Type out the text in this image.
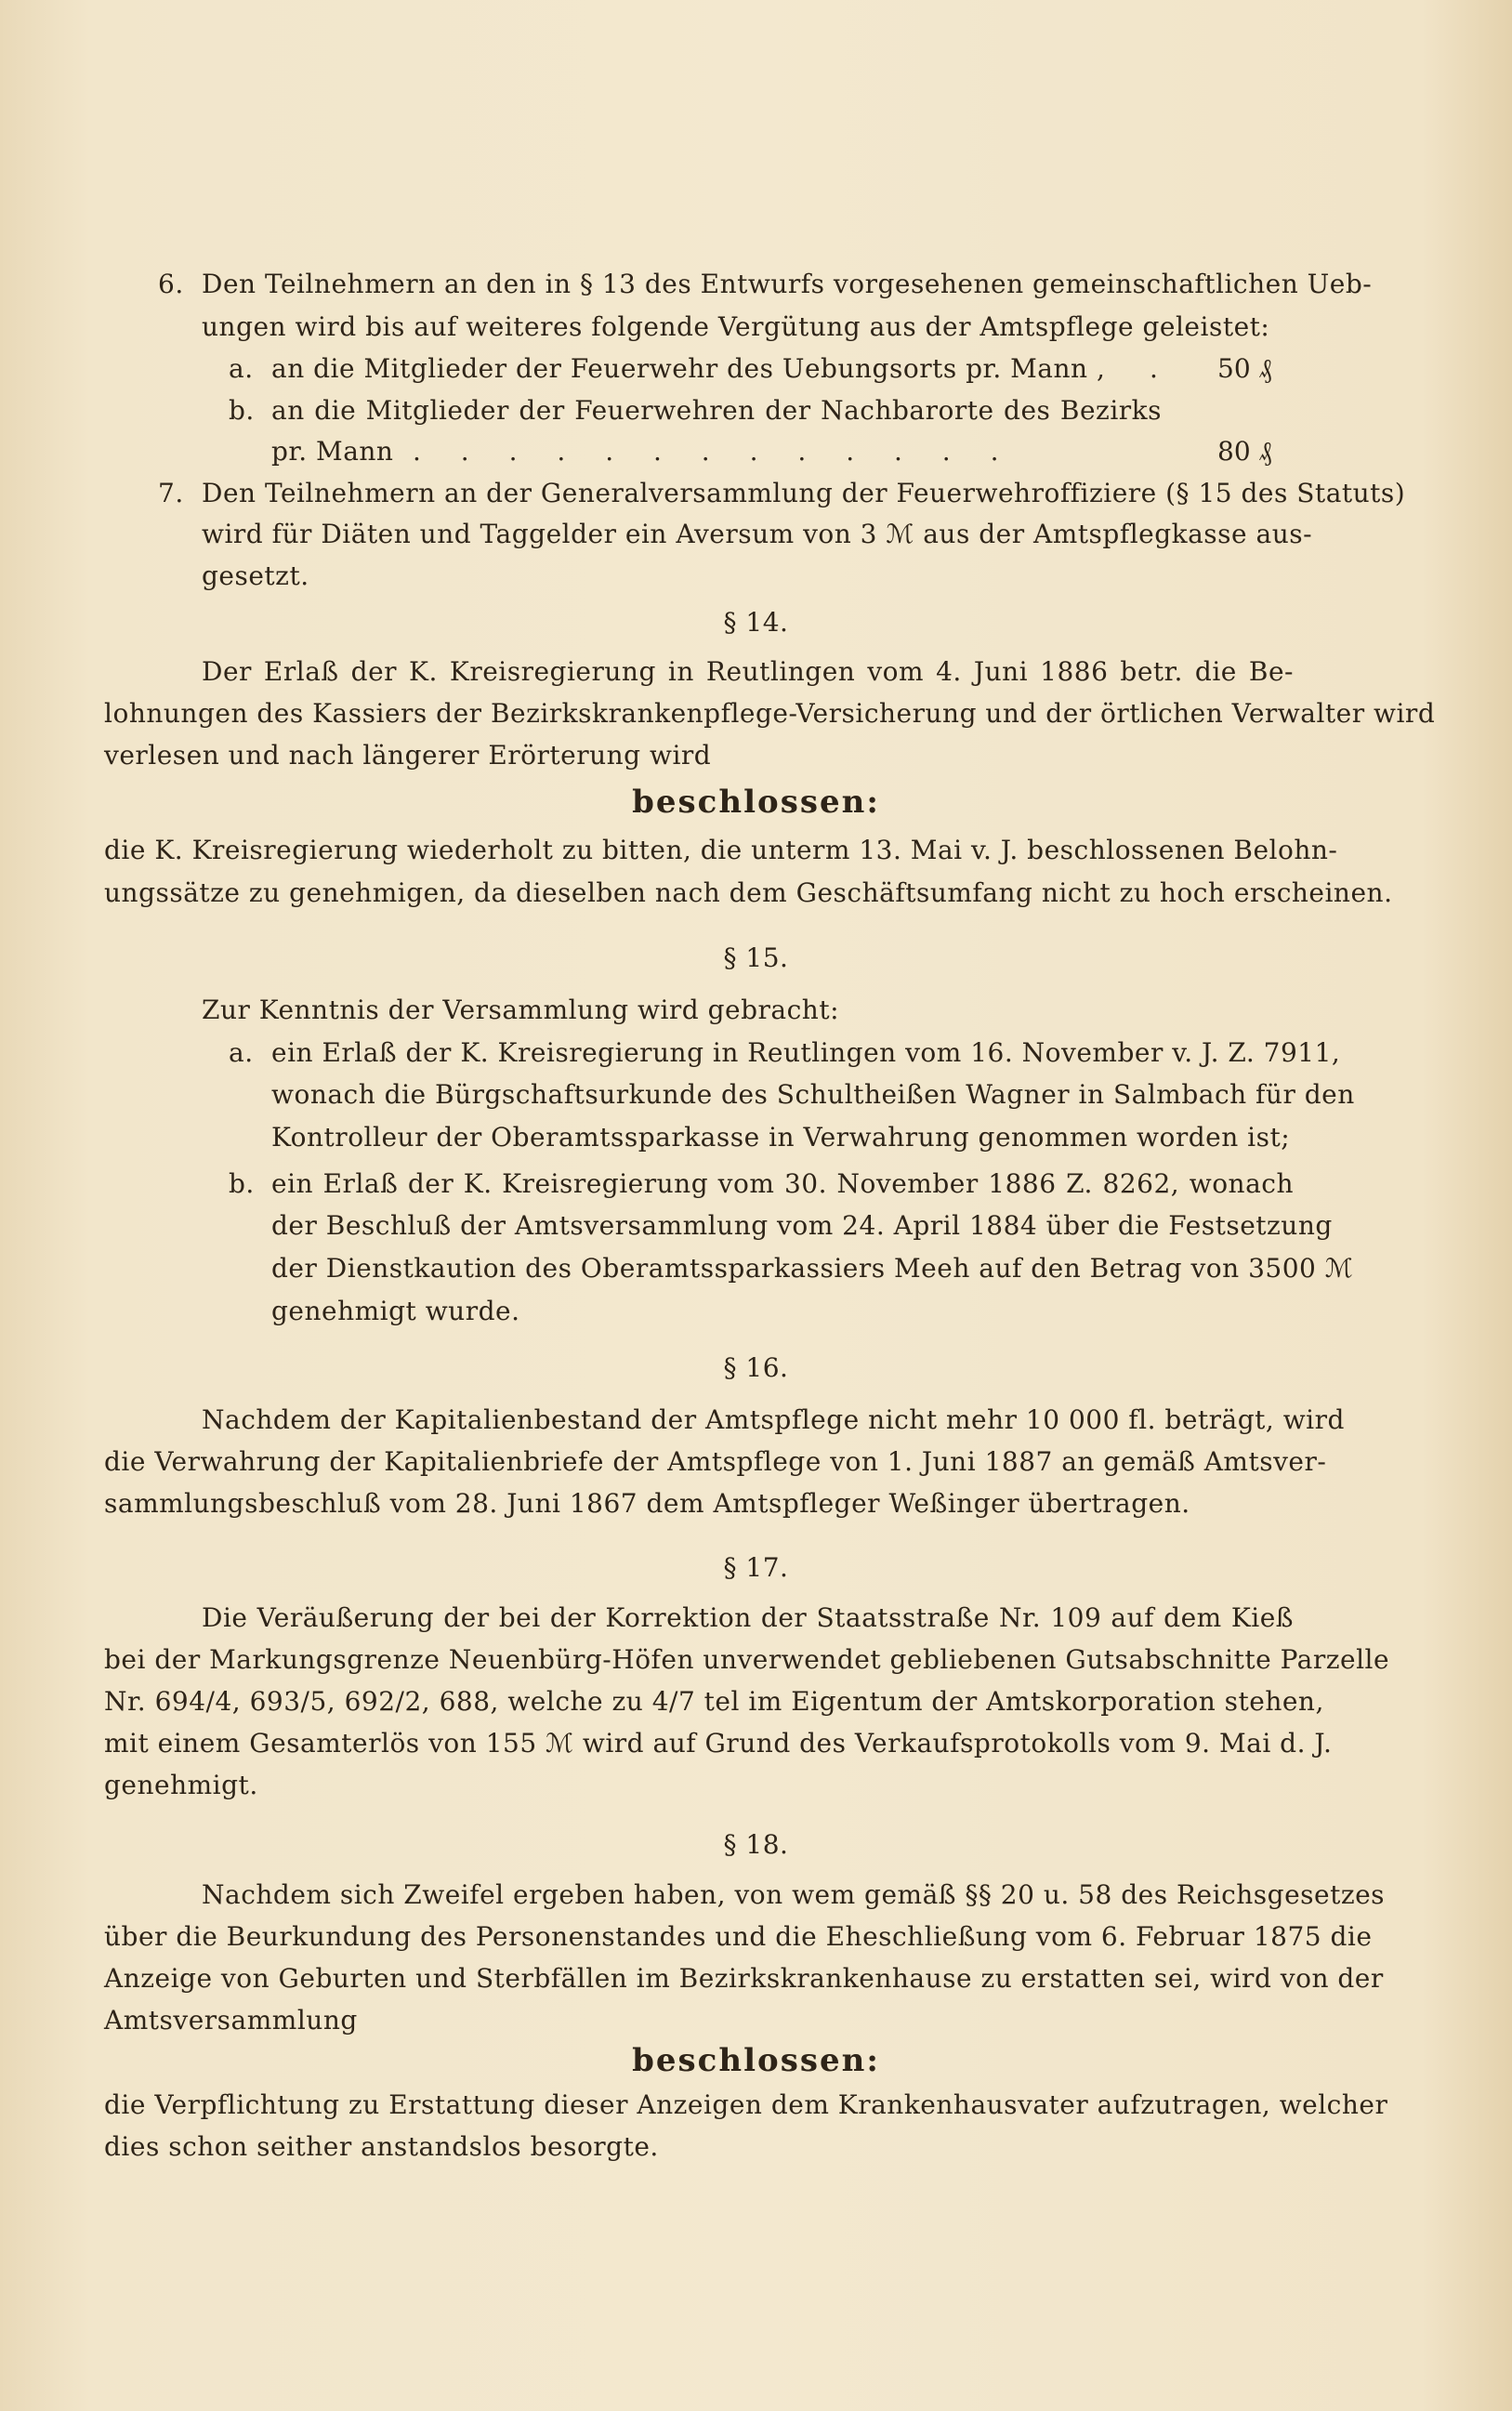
6. Den Teilnehmern an den in § 13 des Entwurfs vorgesehenen gemeinschaftlichen Ueb-
ungen wird bis auf weiteres folgende Vergütung aus der Amtspflege geleistet:
a. an die Mitglieder der Feuerwehr des Uebungsorts pr. Mann , . 50 ₰
b. an die Mitglieder der Feuerwehren der Nachbarorte des Bezirks
pr. Mann . . . . . . . . . . . . .	80 ₰
7. Den Teilnehmern an der Generalversammlung der Feuerwehroffiziere (§ 15 des Statuts)
wird für Diäten und Taggelder ein Aversum von 3 ℳ aus der Amtspflegkasse aus-
gesetzt.
§ 14.
Der Erlaß der K. Kreisregierung in Reutlingen vom 4. Juni 1886 betr. die Be-
lohnungen des Kassiers der Bezirkskrankenpflege-Versicherung und der örtlichen Verwalter wird
verlesen und nach längerer Erörterung wird
beschlossen:
die K. Kreisregierung wiederholt zu bitten, die unterm 13. Mai v. J. beschlossenen Belohn-
ungssätze zu genehmigen, da dieselben nach dem Geschäftsumfang nicht zu hoch erscheinen.
§ 15.
Zur Kenntnis der Versammlung wird gebracht:
a. ein Erlaß der K. Kreisregierung in Reutlingen vom 16. November v. J. Z. 7911,
wonach die Bürgschaftsurkunde des Schultheißen Wagner in Salmbach für den
Kontrolleur der Oberamtssparkasse in Verwahrung genommen worden ist;
b. ein Erlaß der K. Kreisregierung vom 30. November 1886 Z. 8262, wonach
der Beschluß der Amtsversammlung vom 24. April 1884 über die Festsetzung
der Dienstkaution des Oberamtssparkassiers Meeh auf den Betrag von 3500 ℳ
genehmigt wurde.
§ 16.
Nachdem der Kapitalienbestand der Amtspflege nicht mehr 10 000 fl. beträgt, wird
die Verwahrung der Kapitalienbriefe der Amtspflege von 1. Juni 1887 an gemäß Amtsver-
sammlungsbeschluß vom 28. Juni 1867 dem Amtspfleger Weßinger übertragen.
§ 17.
Die Veräußerung der bei der Korrektion der Staatsstraße Nr. 109 auf dem Kieß
bei der Markungsgrenze Neuenbürg-Höfen unverwendet gebliebenen Gutsabschnitte Parzelle
Nr. 694/4, 693/5, 692/2, 688, welche zu 4/7 tel im Eigentum der Amtskorporation stehen,
mit einem Gesamterlös von 155 ℳ wird auf Grund des Verkaufsprotokolls vom 9. Mai d. J.
genehmigt.
§ 18.
Nachdem sich Zweifel ergeben haben, von wem gemäß §§ 20 u. 58 des Reichsgesetzes
über die Beurkundung des Personenstandes und die Eheschließung vom 6. Februar 1875 die
Anzeige von Geburten und Sterbfällen im Bezirkskrankenhause zu erstatten sei, wird von der
Amtsversammlung
beschlossen:
die Verpflichtung zu Erstattung dieser Anzeigen dem Krankenhausvater aufzutragen, welcher
dies schon seither anstandslos besorgte.
